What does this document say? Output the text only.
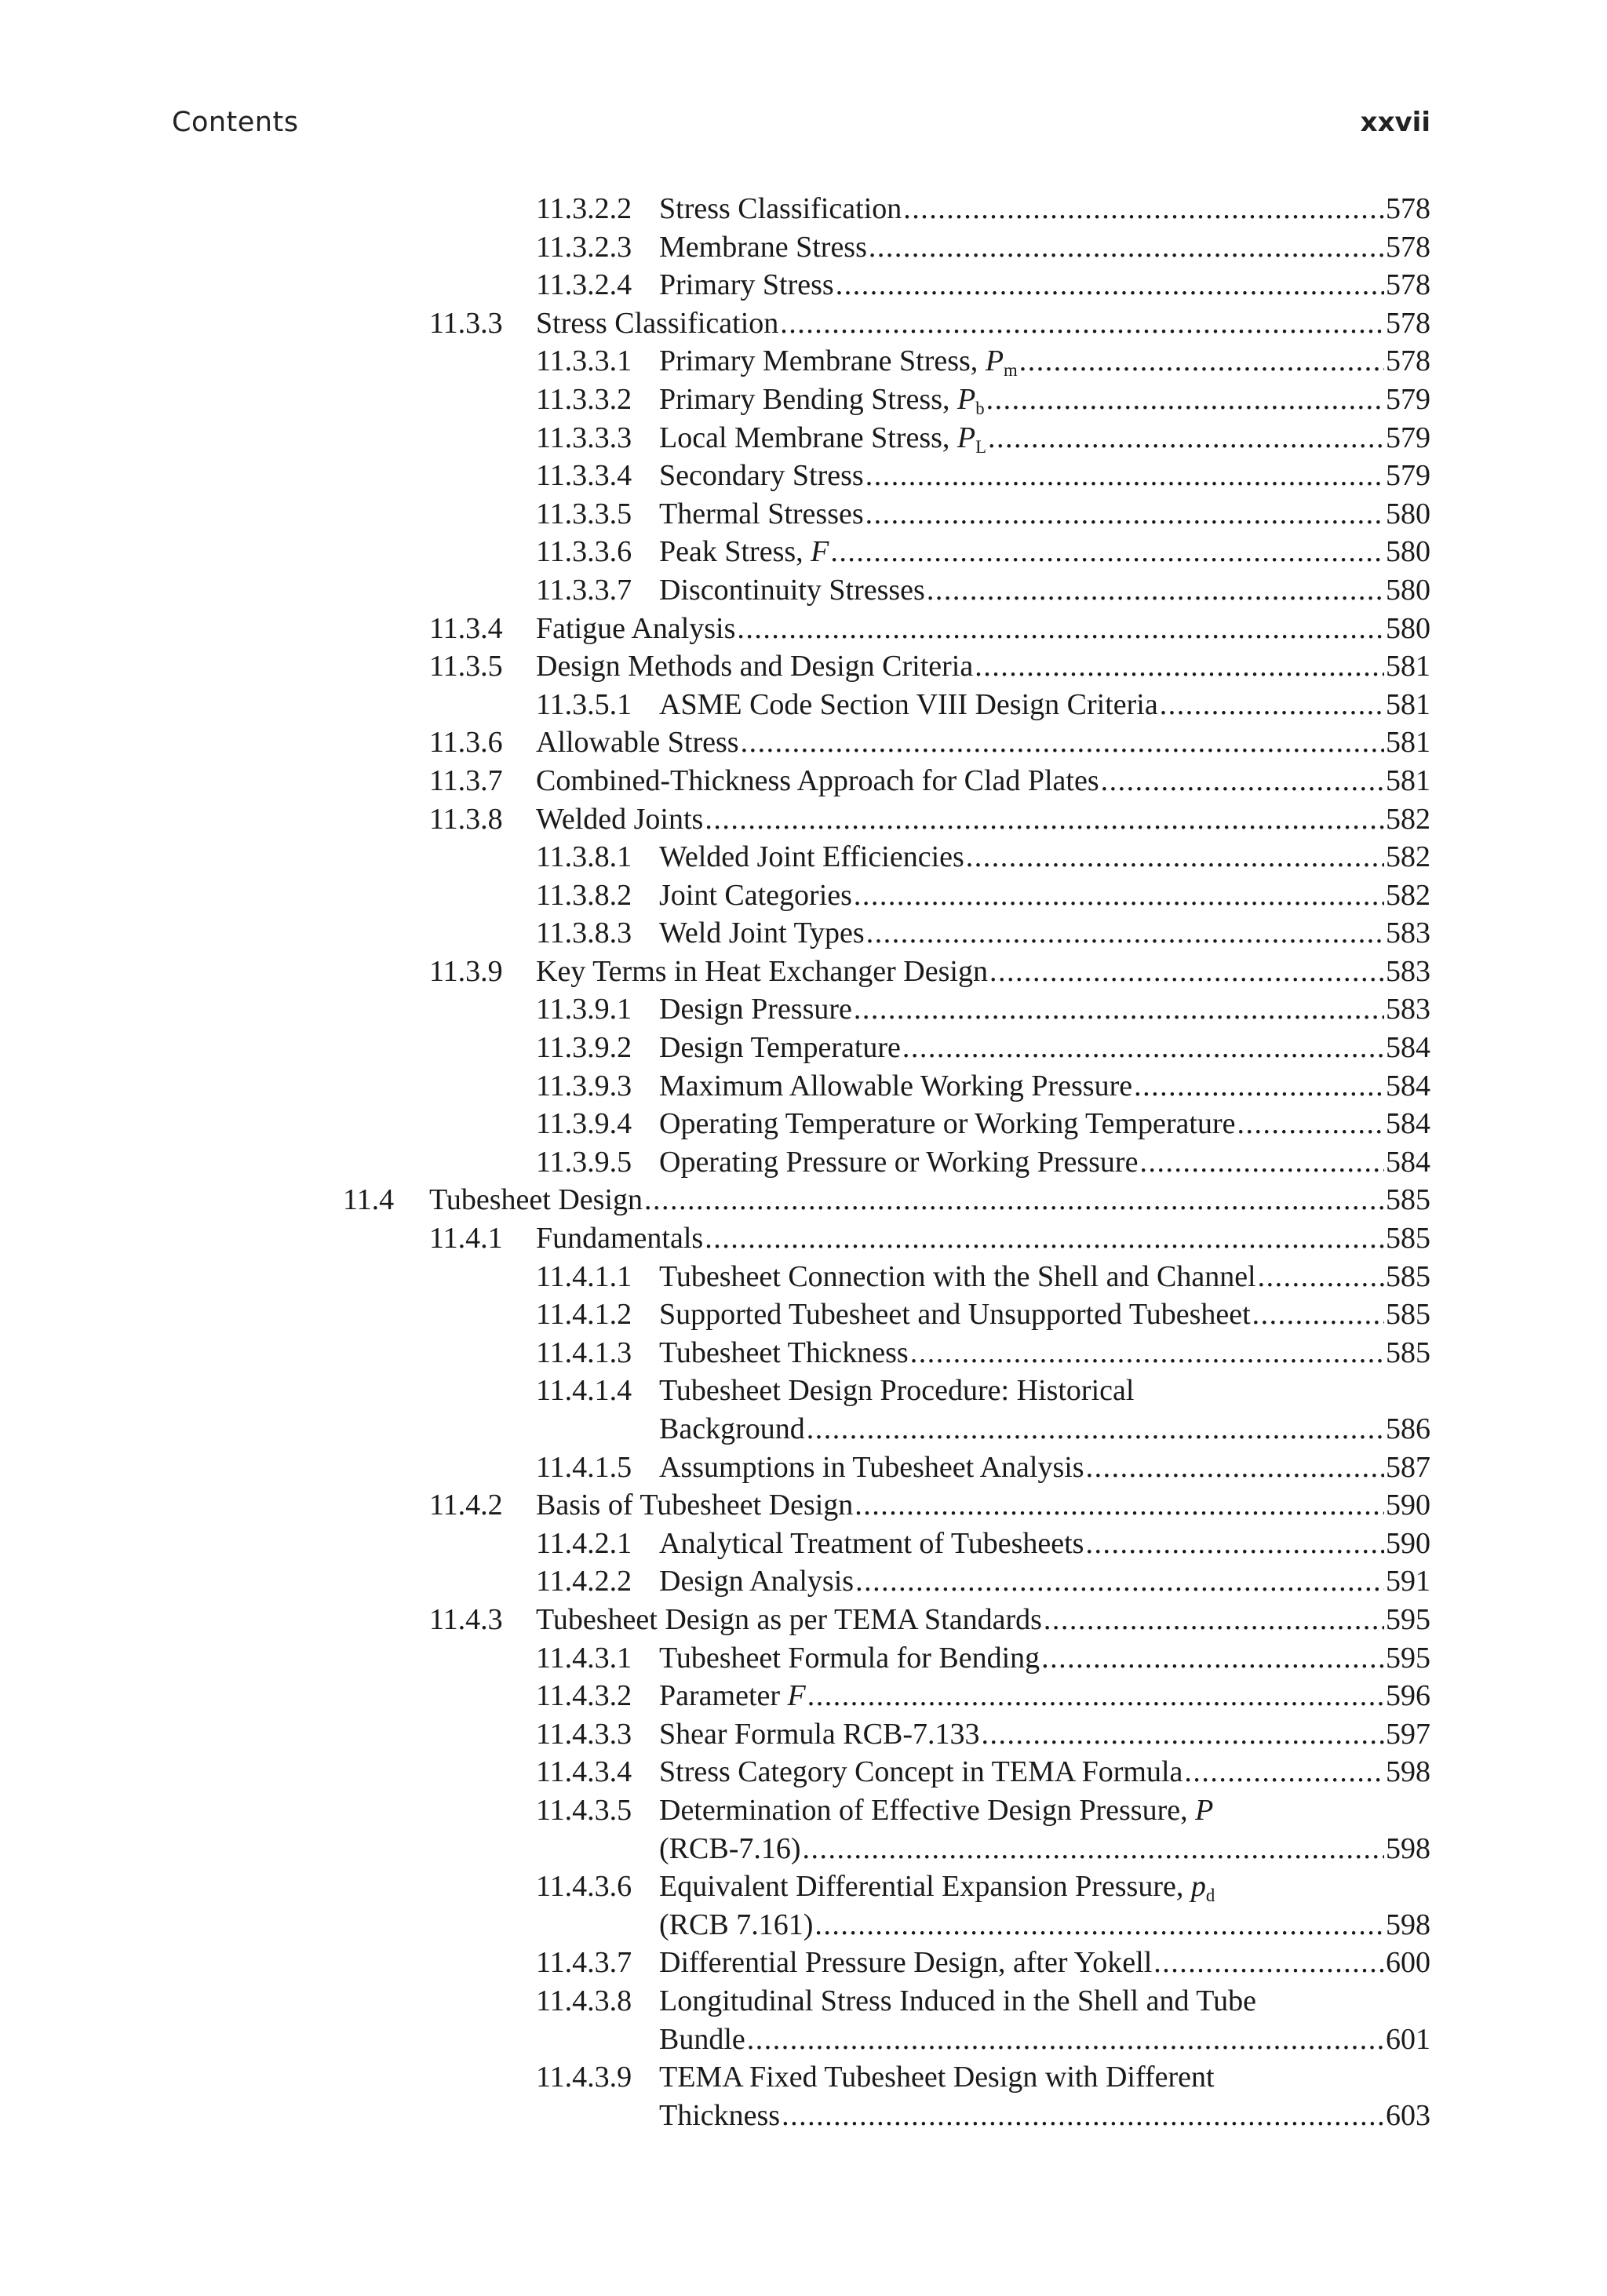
Contents	xxvii
11.3.2.2 Stress Classification .....	578
11.3.2.3 Membrane Stress .....	578
11.3.2.4 Primary Stress .....	578
11.3.3 Stress Classification .....	578
11.3.3.1 Primary Membrane Stress, $P_m$ .....	578
11.3.3.2 Primary Bending Stress, $P_b$ .....	579
11.3.3.3 Local Membrane Stress, $P_L$ .....	579
11.3.3.4 Secondary Stress .....	579
11.3.3.5 Thermal Stresses .....	580
11.3.3.6 Peak Stress, F .....	580
11.3.3.7 Discontinuity Stresses .....	580
11.3.4 Fatigue Analysis .....	580
11.3.5 Design Methods and Design Criteria .....	581
11.3.5.1 ASME Code Section VIII Design Criteria .....	581
11.3.6 Allowable Stress .....	581
11.3.7 Combined-Thickness Approach for Clad Plates .....	581
11.3.8 Welded Joints .....	582
11.3.8.1 Welded Joint Efficiencies .....	582
11.3.8.2 Joint Categories .....	582
11.3.8.3 Weld Joint Types .....	583
11.3.9 Key Terms in Heat Exchanger Design .....	583
11.3.9.1 Design Pressure .....	583
11.3.9.2 Design Temperature .....	584
11.3.9.3 Maximum Allowable Working Pressure .....	584
11.3.9.4 Operating Temperature or Working Temperature .....	584
11.3.9.5 Operating Pressure or Working Pressure .....	584
11.4 Tubesheet Design .....	585
11.4.1 Fundamentals .....	585
11.4.1.1 Tubesheet Connection with the Shell and Channel .....	585
11.4.1.2 Supported Tubesheet and Unsupported Tubesheet .....	585
11.4.1.3 Tubesheet Thickness .....	585
11.4.1.4 Tubesheet Design Procedure: Historical
Background .....	586
11.4.1.5 Assumptions in Tubesheet Analysis .....	587
11.4.2 Basis of Tubesheet Design .....	590
11.4.2.1 Analytical Treatment of Tubesheets .....	590
11.4.2.2 Design Analysis .....	591
11.4.3 Tubesheet Design as per TEMA Standards .....	595
11.4.3.1 Tubesheet Formula for Bending .....	595
11.4.3.2 Parameter F .....	596
11.4.3.3 Shear Formula RCB-7.133 .....	597
11.4.3.4 Stress Category Concept in TEMA Formula .....	598
11.4.3.5 Determination of Effective Design Pressure, P
(RCB-7.16) .....	598
11.4.3.6 Equivalent Differential Expansion Pressure, $p_d$
(RCB 7.161) .....	598
11.4.3.7 Differential Pressure Design, after Yokell .....	600
11.4.3.8 Longitudinal Stress Induced in the Shell and Tube
Bundle .....	601
11.4.3.9 TEMA Fixed Tubesheet Design with Different
Thickness .....	603
